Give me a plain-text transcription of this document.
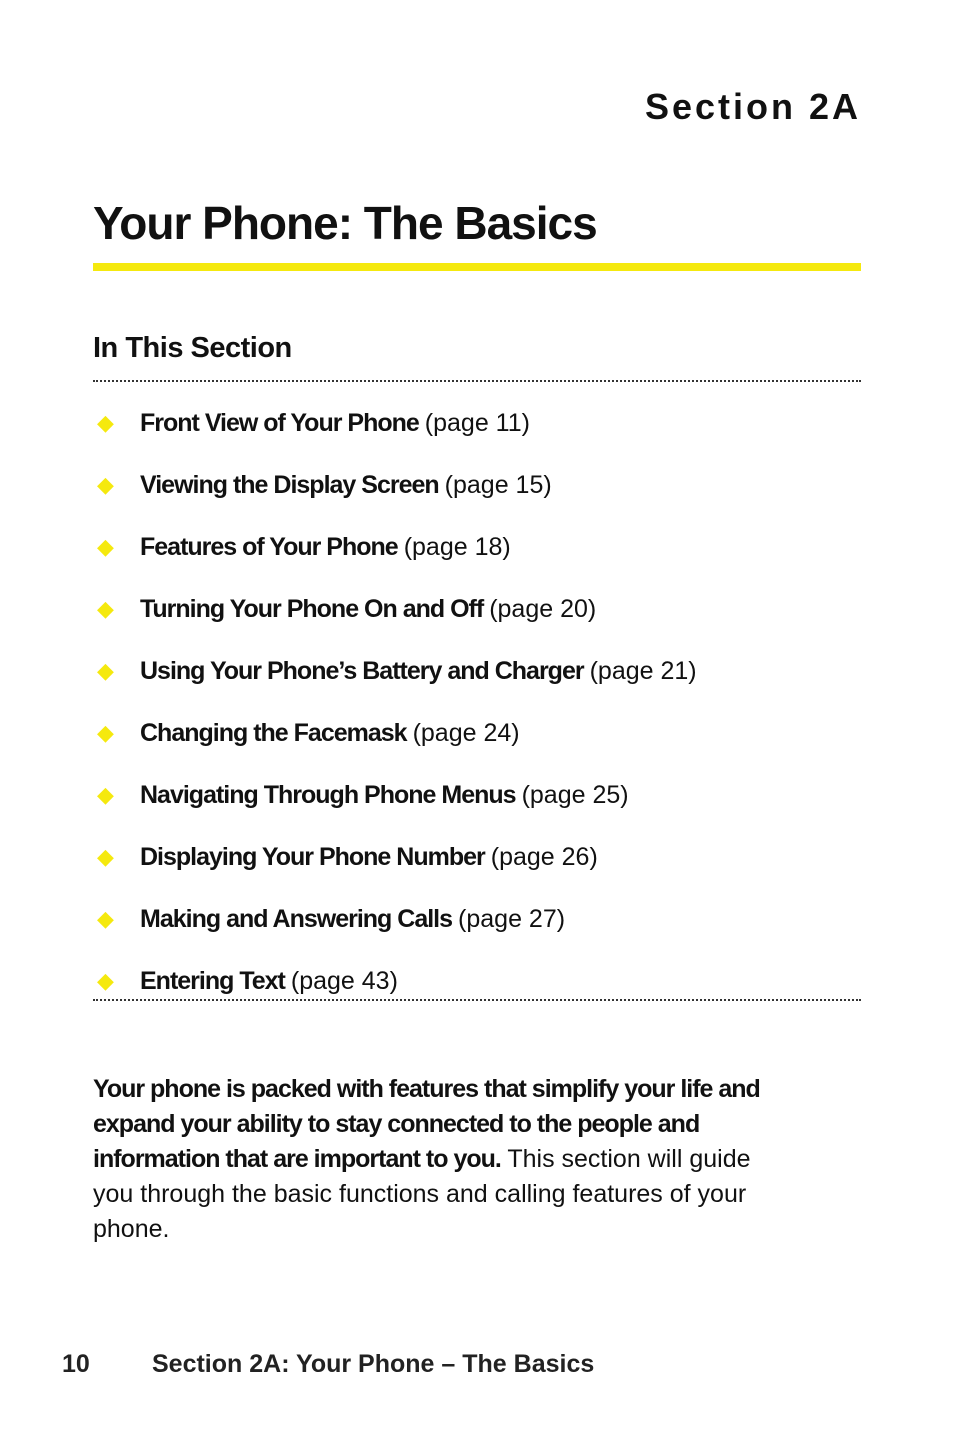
Section 2A
Your Phone: The Basics
In This Section
◆	Front View of Your Phone (page 11)
◆	Viewing the Display Screen (page 15)
◆	Features of Your Phone (page 18)
◆	Turning Your Phone On and Off (page 20)
◆	Using Your Phone’s Battery and Charger (page 21)
◆	Changing the Facemask (page 24)
◆	Navigating Through Phone Menus (page 25)
◆	Displaying Your Phone Number (page 26)
◆	Making and Answering Calls (page 27)
◆	Entering Text (page 43)

Your phone is packed with features that simplify your life and expand your ability to stay connected to the people and information that are important to you. This section will guide you through the basic functions and calling features of your phone.

10	Section 2A: Your Phone – The Basics
